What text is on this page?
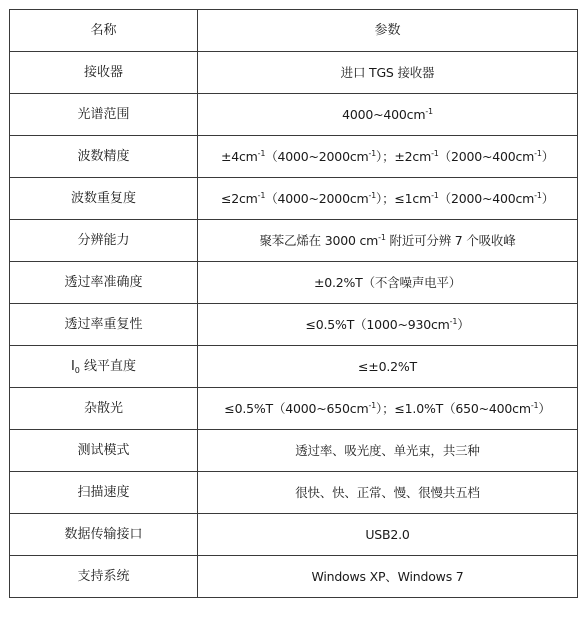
名称	参数
接收器	进口 TGS 接收器
光谱范围	$4000\sim 400cm^{-1}$
波数精度	$\pm 4cm^{-1}(4000\sim 2000cm^{-1})$；$\pm 2cm^{-1}(2000\sim 400cm^{-1})$
波数重复度	$\le 2cm^{-1}(4000\sim 2000cm^{-1})$；$\le 1cm^{-1}(2000\sim 400cm^{-1})$
分辨能力	聚苯乙烯在 3000 $cm^{-1}$ 附近可分辨 7 个吸收峰
透过率准确度	±0.2%T（不含噪声电平）
透过率重复性	$\le 0.5\%T(1000\sim 930cm^{-1})$
$I_0$ 线平直度	≤±0.2%T
杂散光	$\le 0.5\%T(4000\sim 650cm^{-1})$；$\le 1.0\%T(650\sim 400cm^{-1})$
测试模式	透过率、吸光度、单光束，共三种
扫描速度	很快、快、正常、慢、很慢共五档
数据传输接口	USB2.0
支持系统	Windows XP、Windows 7
